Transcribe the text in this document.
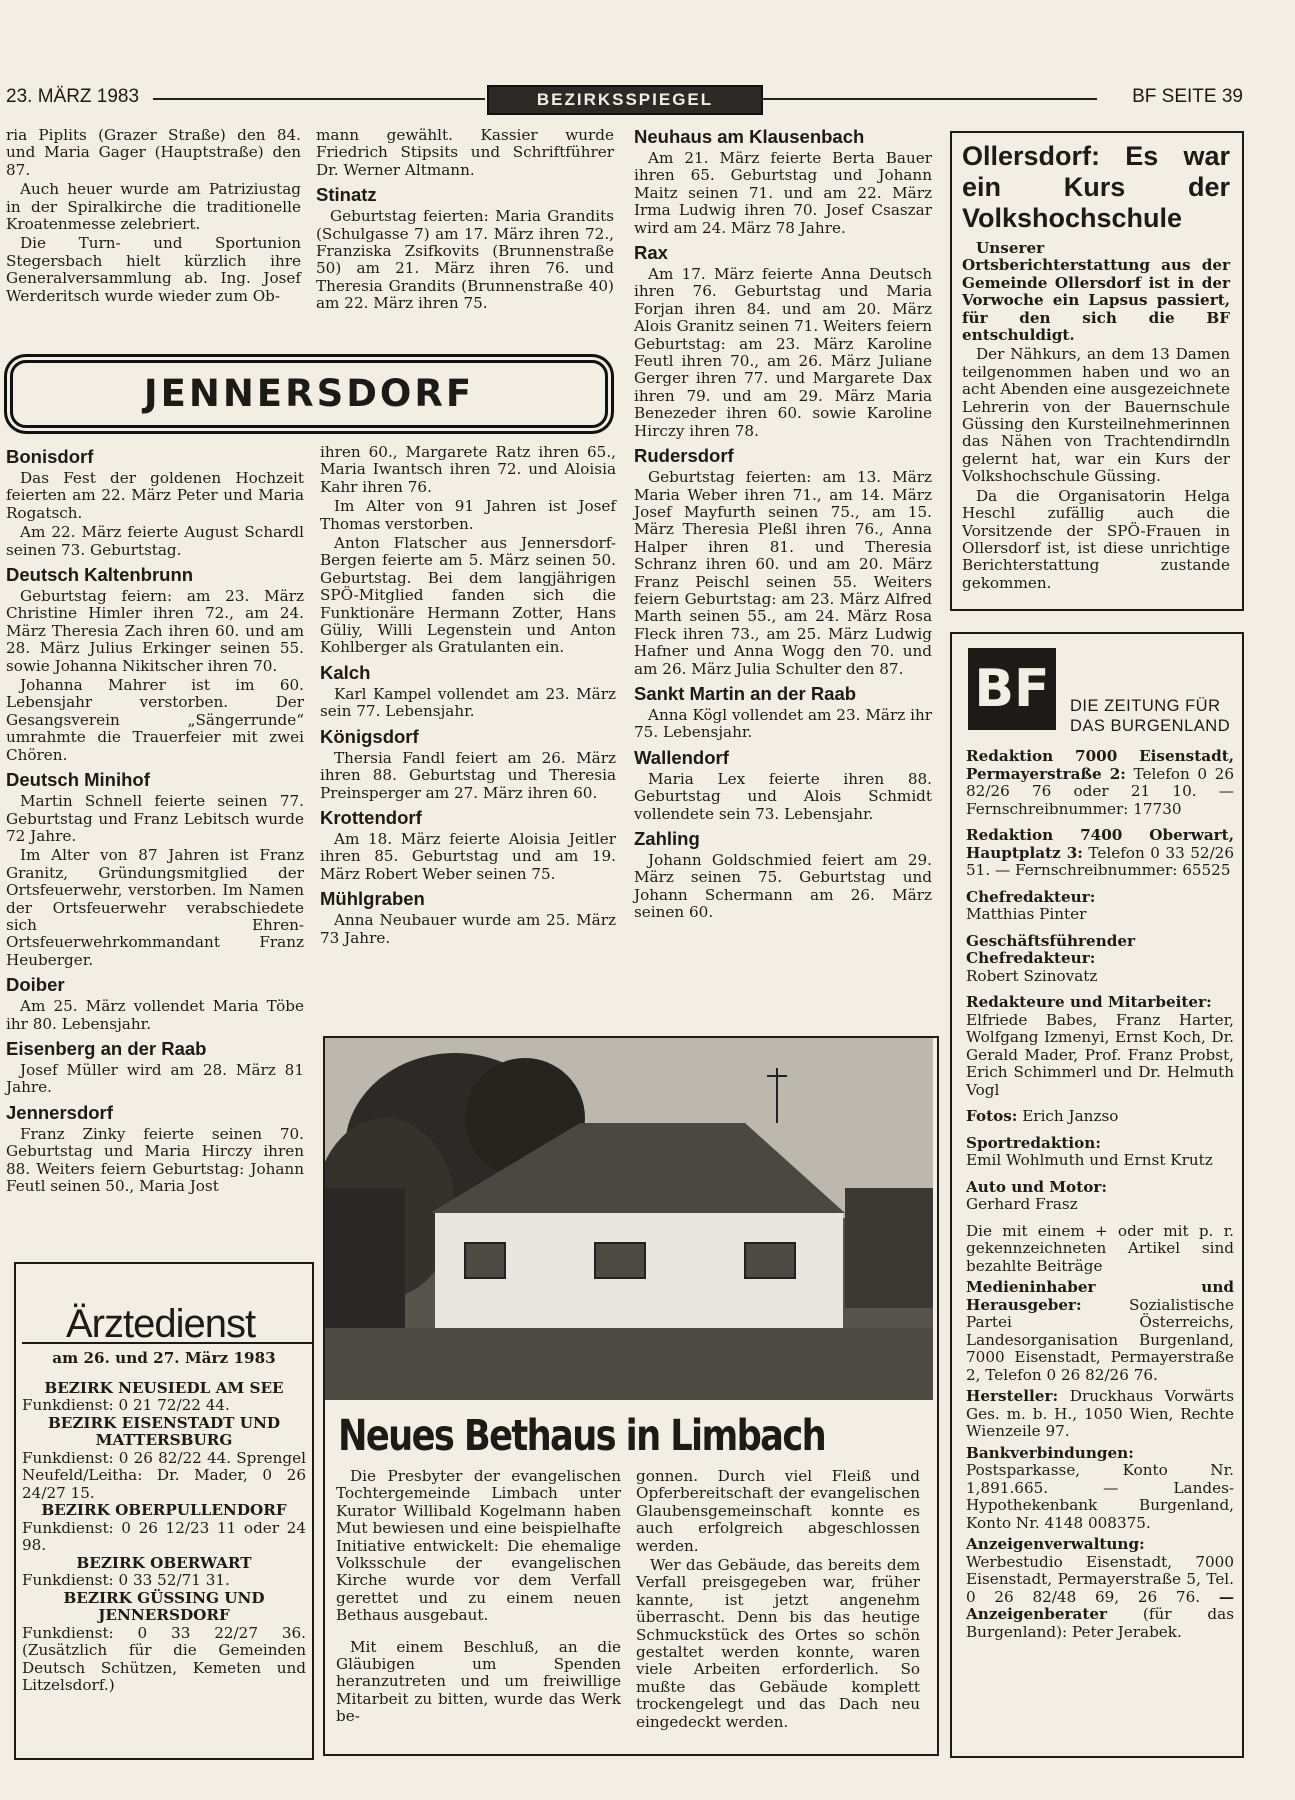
23. MÄRZ 1983	BEZIRKSSPIEGEL	BF SEITE 39

ria Piplits (Grazer Straße) den 84. und Maria Gager (Hauptstraße) den 87.

Auch heuer wurde am Patriziustag in der Spiralkirche die traditionelle Kroatenmesse zelebriert.

Die Turn- und Sportunion Stegersbach hielt kürzlich ihre Generalversammlung ab. Ing. Josef Werderitsch wurde wieder zum Ob-

mann gewählt. Kassier wurde Friedrich Stipsits und Schriftführer Dr. Werner Altmann.

Stinatz

Geburtstag feierten: Maria Grandits (Schulgasse 7) am 17. März ihren 72., Franziska Zsifkovits (Brunnenstraße 50) am 21. März ihren 76. und Theresia Grandits (Brunnenstraße 40) am 22. März ihren 75.

Neuhaus am Klausenbach

Am 21. März feierte Berta Bauer ihren 65. Geburtstag und Johann Maitz seinen 71. und am 22. März Irma Ludwig ihren 70. Josef Csaszar wird am 24. März 78 Jahre.

Rax

Am 17. März feierte Anna Deutsch ihren 76. Geburtstag und Maria Forjan ihren 84. und am 20. März Alois Granitz seinen 71. Weiters feiern Geburtstag: am 23. März Karoline Feutl ihren 70., am 26. März Juliane Gerger ihren 77. und Margarete Dax ihren 79. und am 29. März Maria Benezeder ihren 60. sowie Karoline Hirczy ihren 78.

Rudersdorf

Geburtstag feierten: am 13. März Maria Weber ihren 71., am 14. März Josef Mayfurth seinen 75., am 15. März Theresia Pleßl ihren 76., Anna Halper ihren 81. und Theresia Schranz ihren 60. und am 20. März Franz Peischl seinen 55. Weiters feiern Geburtstag: am 23. März Alfred Marth seinen 55., am 24. März Rosa Fleck ihren 73., am 25. März Ludwig Hafner und Anna Wogg den 70. und am 26. März Julia Schulter den 87.

Sankt Martin an der Raab

Anna Kögl vollendet am 23. März ihr 75. Lebensjahr.

Wallendorf

Maria Lex feierte ihren 88. Geburtstag und Alois Schmidt vollendete sein 73. Lebensjahr.

Zahling

Johann Goldschmied feiert am 29. März seinen 75. Geburtstag und Johann Schermann am 26. März seinen 60.

JENNERSDORF
Bonisdorf

Das Fest der goldenen Hochzeit feierten am 22. März Peter und Maria Rogatsch.

Am 22. März feierte August Schardl seinen 73. Geburtstag.

Deutsch Kaltenbrunn

Geburtstag feiern: am 23. März Christine Himler ihren 72., am 24. März Theresia Zach ihren 60. und am 28. März Julius Erkinger seinen 55. sowie Johanna Nikitscher ihren 70.

Johanna Mahrer ist im 60. Lebensjahr verstorben. Der Gesangsverein „Sängerrunde“ umrahmte die Trauerfeier mit zwei Chören.

Deutsch Minihof

Martin Schnell feierte seinen 77. Geburtstag und Franz Lebitsch wurde 72 Jahre.

Im Alter von 87 Jahren ist Franz Granitz, Gründungsmitglied der Ortsfeuerwehr, verstorben. Im Namen der Ortsfeuerwehr verabschiedete sich Ehren-Ortsfeuerwehrkommandant Franz Heuberger.

Doiber

Am 25. März vollendet Maria Töbe ihr 80. Lebensjahr.

Eisenberg an der Raab

Josef Müller wird am 28. März 81 Jahre.

Jennersdorf

Franz Zinky feierte seinen 70. Geburtstag und Maria Hirczy ihren 88. Weiters feiern Geburtstag: Johann Feutl seinen 50., Maria Jost

ihren 60., Margarete Ratz ihren 65., Maria Iwantsch ihren 72. und Aloisia Kahr ihren 76.

Im Alter von 91 Jahren ist Josef Thomas verstorben.

Anton Flatscher aus Jennersdorf-Bergen feierte am 5. März seinen 50. Geburtstag. Bei dem langjährigen SPÖ-Mitglied fanden sich die Funktionäre Hermann Zotter, Hans Güliy, Willi Legenstein und Anton Kohlberger als Gratulanten ein.

Kalch

Karl Kampel vollendet am 23. März sein 77. Lebensjahr.

Königsdorf

Thersia Fandl feiert am 26. März ihren 88. Geburtstag und Theresia Preinsperger am 27. März ihren 60.

Krottendorf

Am 18. März feierte Aloisia Jeitler ihren 85. Geburtstag und am 19. März Robert Weber seinen 75.

Mühlgraben

Anna Neubauer wurde am 25. März 73 Jahre.

Ollersdorf: Es war ein Kurs der Volkshochschule

Unserer Ortsberichterstattung aus der Gemeinde Ollersdorf ist in der Vorwoche ein Lapsus passiert, für den sich die BF entschuldigt.

Der Nähkurs, an dem 13 Damen teilgenommen haben und wo an acht Abenden eine ausgezeichnete Lehrerin von der Bauernschule Güssing den Kursteilnehmerinnen das Nähen von Trachtendirndln gelernt hat, war ein Kurs der Volkshochschule Güssing.

Da die Organisatorin Helga Heschl zufällig auch die Vorsitzende der SPÖ-Frauen in Ollersdorf ist, ist diese unrichtige Berichterstattung zustande gekommen.

BF	DIE ZEITUNG FÜR
DAS BURGENLAND

Redaktion 7000 Eisenstadt, Permayerstraße 2: Telefon 0 26 82/26 76 oder 21 10. — Fernschreibnummer: 17730

Redaktion 7400 Oberwart, Hauptplatz 3: Telefon 0 33 52/26 51. — Fernschreibnummer: 65525

Chefredakteur:
Matthias Pinter

Geschäftsführender Chefredakteur:
Robert Szinovatz

Redakteure und Mitarbeiter:
Elfriede Babes, Franz Harter, Wolfgang Izmenyi, Ernst Koch, Dr. Gerald Mader, Prof. Franz Probst, Erich Schimmerl und Dr. Helmuth Vogl

Fotos: Erich Janzso

Sportredaktion:
Emil Wohlmuth und Ernst Krutz

Auto und Motor:
Gerhard Frasz

Die mit einem + oder mit p. r. gekennzeichneten Artikel sind bezahlte Beiträge

Medieninhaber und Herausgeber:	Sozialistische Partei Österreichs, Landesorganisation Burgenland, 7000 Eisenstadt, Permayerstraße 2, Telefon 0 26 82/26 76.

Hersteller: Druckhaus Vorwärts Ges. m. b. H., 1050 Wien, Rechte Wienzeile 97.

Bankverbindungen: Postsparkasse, Konto Nr. 1,891.665. — Landes-Hypothekenbank Burgenland, Konto Nr. 4148 008375.

Anzeigenverwaltung: Werbestudio Eisenstadt, 7000 Eisenstadt, Permayerstraße 5, Tel. 0 26 82/48 69, 26 76. — Anzeigenberater (für das Burgenland): Peter Jerabek.

Ärztedienst
am 26. und 27. März 1983
BEZIRK NEUSIEDL AM SEE

Funkdienst: 0 21 72/22 44.

BEZIRK EISENSTADT UND MATTERSBURG

Funkdienst: 0 26 82/22 44. Sprengel Neufeld/Leitha: Dr. Mader, 0 26 24/27 15.

BEZIRK OBERPULLENDORF

Funkdienst: 0 26 12/23 11 oder 24 98.

BEZIRK OBERWART

Funkdienst: 0 33 52/71 31.

BEZIRK GÜSSING UND JENNERSDORF

Funkdienst: 0 33 22/27 36. (Zusätzlich für die Gemeinden Deutsch Schützen, Kemeten und Litzelsdorf.)

Neues Bethaus in Limbach

Die Presbyter der evangelischen Tochtergemeinde Limbach unter Kurator Willibald Kogelmann haben Mut bewiesen und eine beispielhafte Initiative entwickelt: Die ehemalige Volksschule der evangelischen Kirche wurde vor dem Verfall gerettet und zu einem neuen Bethaus ausgebaut.

Mit einem Beschluß, an die Gläubigen um Spenden heranzutreten und um freiwillige Mitarbeit zu bitten, wurde das Werk be-

gonnen. Durch viel Fleiß und Opferbereitschaft der evangelischen Glaubensgemeinschaft konnte es auch erfolgreich abgeschlossen werden.

Wer das Gebäude, das bereits dem Verfall preisgegeben war, früher kannte, ist jetzt angenehm überrascht. Denn bis das heutige Schmuckstück des Ortes so schön gestaltet werden konnte, waren viele Arbeiten erforderlich. So mußte das Gebäude komplett trockengelegt und das Dach neu eingedeckt werden.
